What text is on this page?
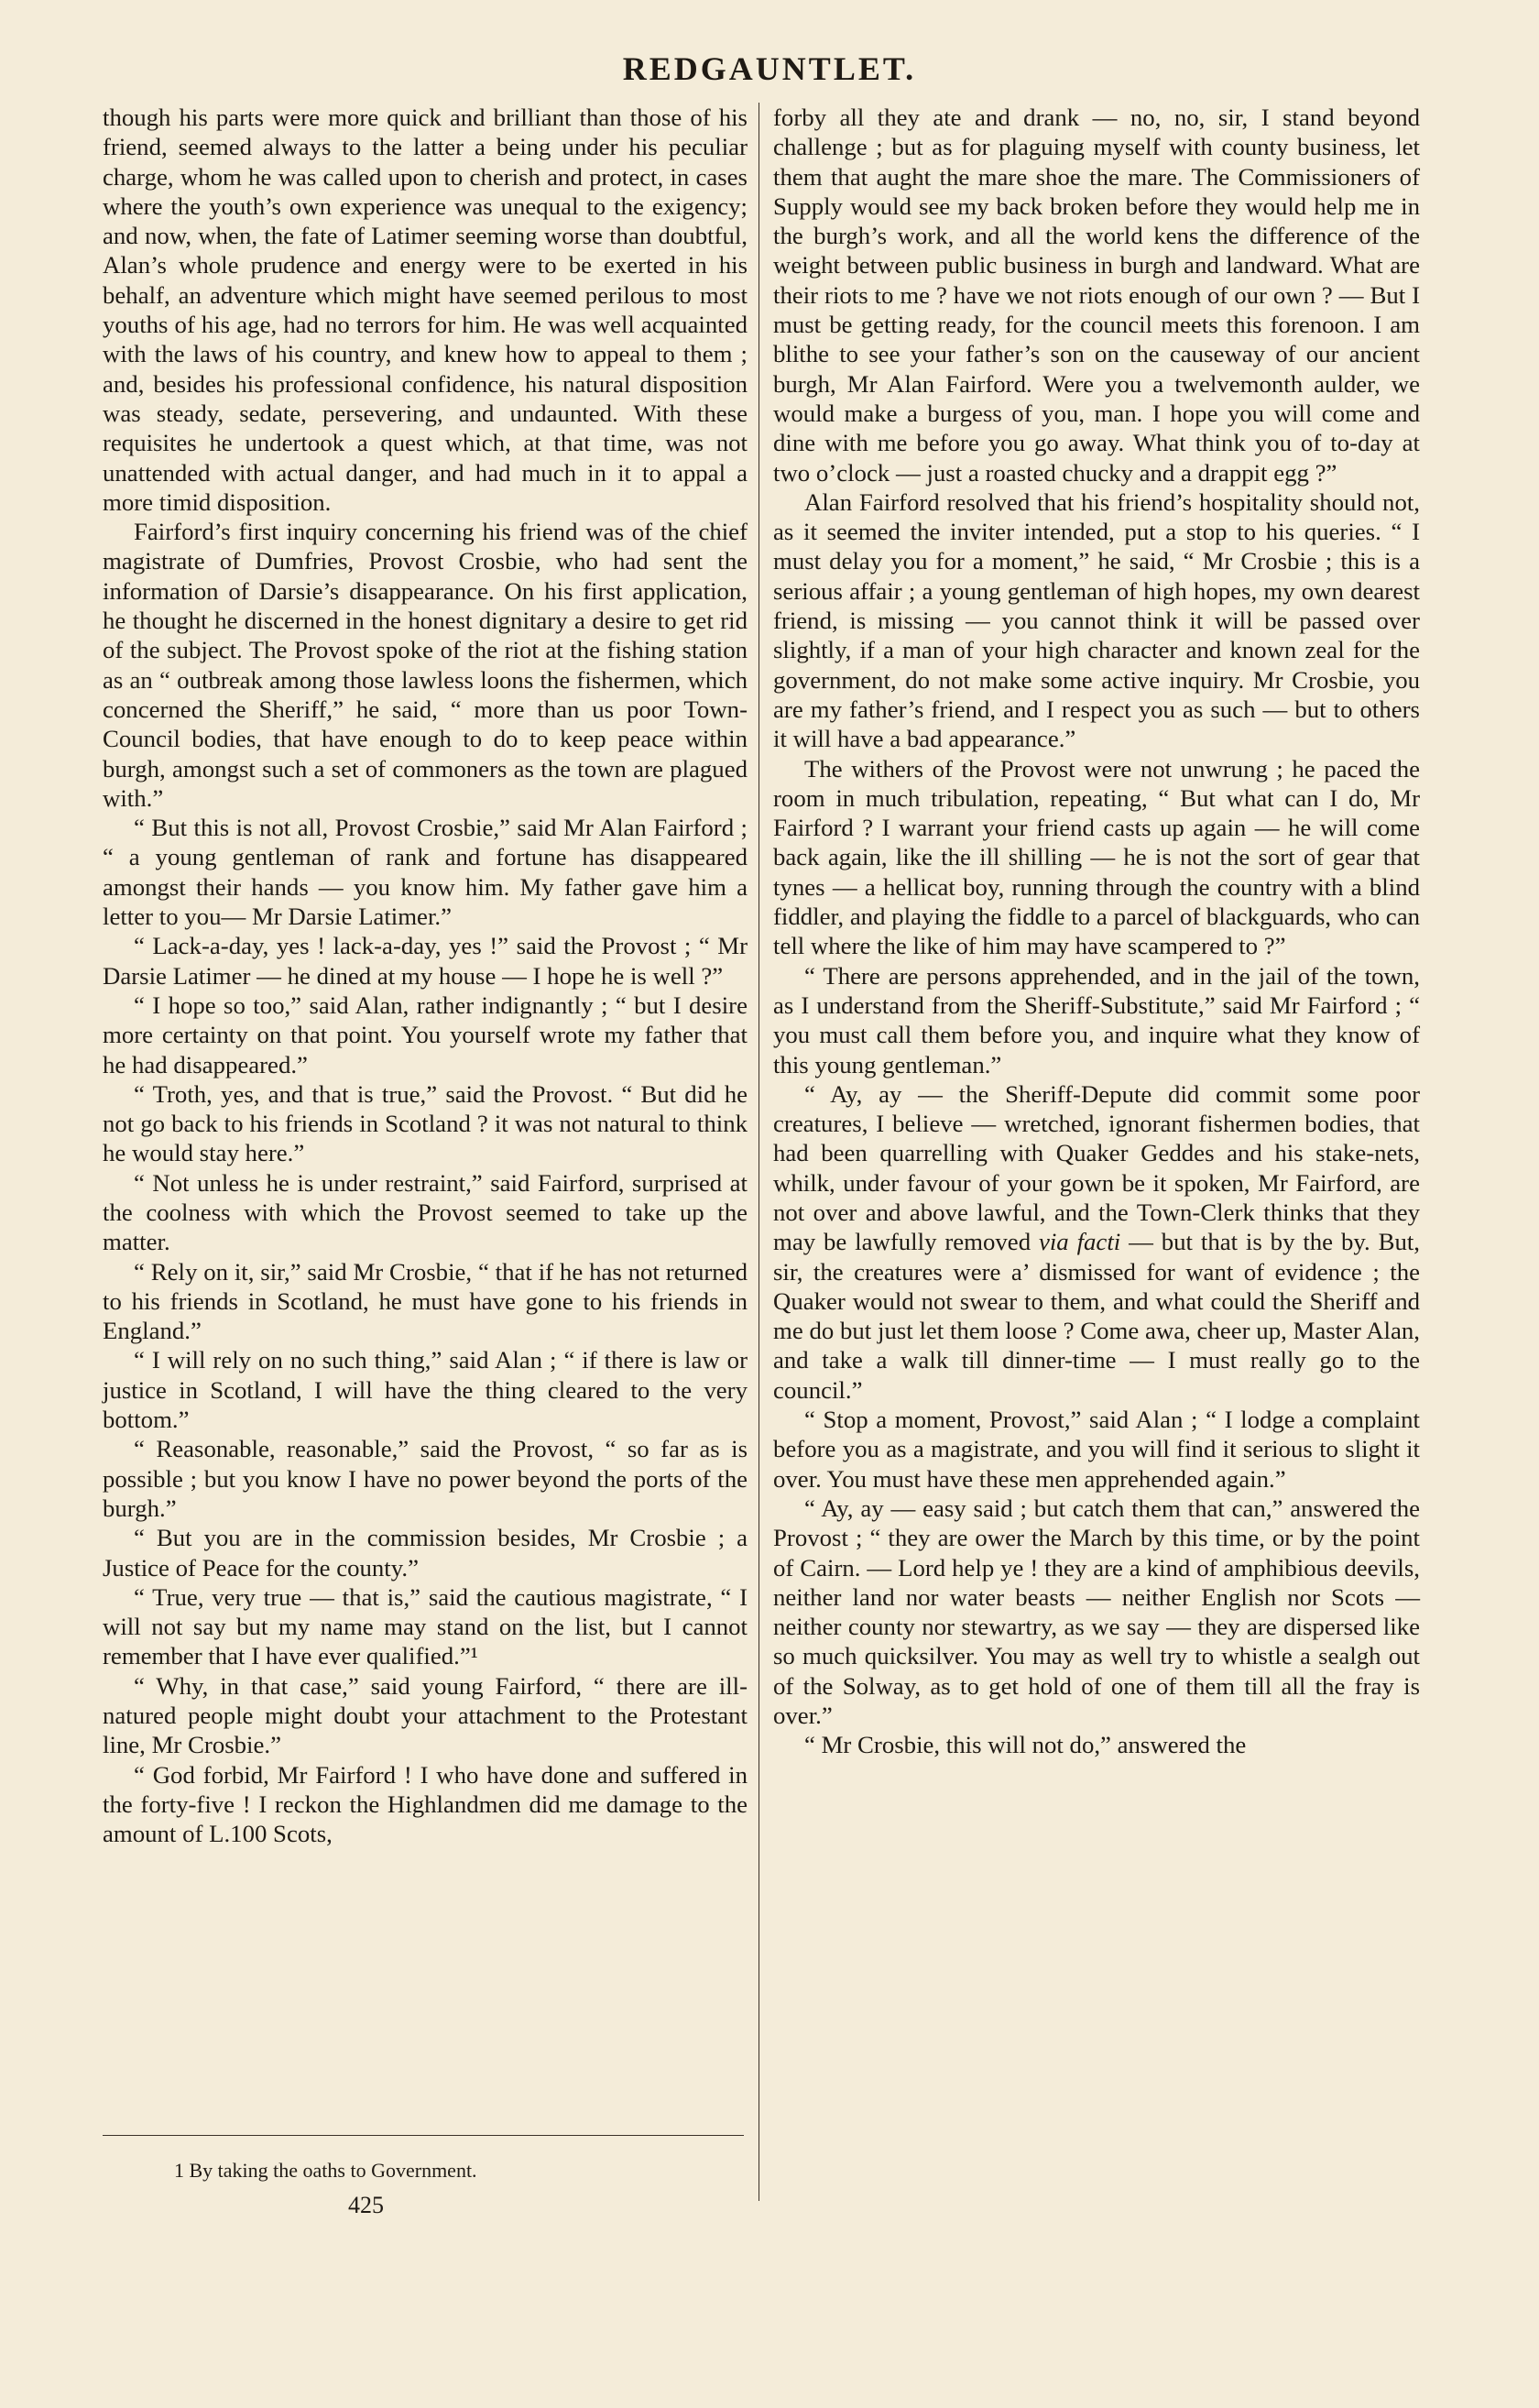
REDGAUNTLET.

though his parts were more quick and brilliant than those of his friend, seemed always to the latter a being under his peculiar charge, whom he was called upon to cherish and protect, in cases where the youth’s own experience was unequal to the exigency; and now, when, the fate of Latimer seeming worse than doubtful, Alan’s whole prudence and energy were to be exerted in his behalf, an adventure which might have seemed perilous to most youths of his age, had no terrors for him. He was well acquainted with the laws of his country, and knew how to appeal to them ; and, besides his professional confidence, his natural disposition was steady, sedate, persevering, and undaunted. With these requisites he undertook a quest which, at that time, was not unattended with actual danger, and had much in it to appal a more timid disposition.

Fairford’s first inquiry concerning his friend was of the chief magistrate of Dumfries, Provost Crosbie, who had sent the information of Darsie’s disappearance. On his first application, he thought he discerned in the honest dignitary a desire to get rid of the subject. The Provost spoke of the riot at the fishing station as an “ outbreak among those lawless loons the fishermen, which concerned the Sheriff,” he said, “ more than us poor Town-Council bodies, that have enough to do to keep peace within burgh, amongst such a set of commoners as the town are plagued with.”

“ But this is not all, Provost Crosbie,” said Mr Alan Fairford ; “ a young gentleman of rank and fortune has disappeared amongst their hands — you know him. My father gave him a letter to you— Mr Darsie Latimer.”

“ Lack-a-day, yes ! lack-a-day, yes !” said the Provost ; “ Mr Darsie Latimer — he dined at my house — I hope he is well ?”

“ I hope so too,” said Alan, rather indignantly ; “ but I desire more certainty on that point. You yourself wrote my father that he had disappeared.”

“ Troth, yes, and that is true,” said the Provost. “ But did he not go back to his friends in Scotland ? it was not natural to think he would stay here.”

“ Not unless he is under restraint,” said Fairford, surprised at the coolness with which the Provost seemed to take up the matter.

“ Rely on it, sir,” said Mr Crosbie, “ that if he has not returned to his friends in Scotland, he must have gone to his friends in England.”

“ I will rely on no such thing,” said Alan ; “ if there is law or justice in Scotland, I will have the thing cleared to the very bottom.”

“ Reasonable, reasonable,” said the Provost, “ so far as is possible ; but you know I have no power beyond the ports of the burgh.”

“ But you are in the commission besides, Mr Crosbie ; a Justice of Peace for the county.”

“ True, very true — that is,” said the cautious magistrate, “ I will not say but my name may stand on the list, but I cannot remember that I have ever qualified.”¹

“ Why, in that case,” said young Fairford, “ there are ill-natured people might doubt your attachment to the Protestant line, Mr Crosbie.”

“ God forbid, Mr Fairford ! I who have done and suffered in the forty-five ! I reckon the Highlandmen did me damage to the amount of L.100 Scots,

forby all they ate and drank — no, no, sir, I stand beyond challenge ; but as for plaguing myself with county business, let them that aught the mare shoe the mare. The Commissioners of Supply would see my back broken before they would help me in the burgh’s work, and all the world kens the difference of the weight between public business in burgh and landward. What are their riots to me ? have we not riots enough of our own ? — But I must be getting ready, for the council meets this forenoon. I am blithe to see your father’s son on the causeway of our ancient burgh, Mr Alan Fairford. Were you a twelvemonth aulder, we would make a burgess of you, man. I hope you will come and dine with me before you go away. What think you of to-day at two o’clock — just a roasted chucky and a drappit egg ?”

Alan Fairford resolved that his friend’s hospitality should not, as it seemed the inviter intended, put a stop to his queries. “ I must delay you for a moment,” he said, “ Mr Crosbie ; this is a serious affair ; a young gentleman of high hopes, my own dearest friend, is missing — you cannot think it will be passed over slightly, if a man of your high character and known zeal for the government, do not make some active inquiry. Mr Crosbie, you are my father’s friend, and I respect you as such — but to others it will have a bad appearance.”

The withers of the Provost were not unwrung ; he paced the room in much tribulation, repeating, “ But what can I do, Mr Fairford ? I warrant your friend casts up again — he will come back again, like the ill shilling — he is not the sort of gear that tynes — a hellicat boy, running through the country with a blind fiddler, and playing the fiddle to a parcel of blackguards, who can tell where the like of him may have scampered to ?”

“ There are persons apprehended, and in the jail of the town, as I understand from the Sheriff-Substitute,” said Mr Fairford ; “ you must call them before you, and inquire what they know of this young gentleman.”

“ Ay, ay — the Sheriff-Depute did commit some poor creatures, I believe — wretched, ignorant fishermen bodies, that had been quarrelling with Quaker Geddes and his stake-nets, whilk, under favour of your gown be it spoken, Mr Fairford, are not over and above lawful, and the Town-Clerk thinks that they may be lawfully removed via facti — but that is by the by. But, sir, the creatures were a’ dismissed for want of evidence ; the Quaker would not swear to them, and what could the Sheriff and me do but just let them loose ? Come awa, cheer up, Master Alan, and take a walk till dinner-time — I must really go to the council.”

“ Stop a moment, Provost,” said Alan ; “ I lodge a complaint before you as a magistrate, and you will find it serious to slight it over. You must have these men apprehended again.”

“ Ay, ay — easy said ; but catch them that can,” answered the Provost ; “ they are ower the March by this time, or by the point of Cairn. — Lord help ye ! they are a kind of amphibious deevils, neither land nor water beasts — neither English nor Scots — neither county nor stewartry, as we say — they are dispersed like so much quicksilver. You may as well try to whistle a sealgh out of the Solway, as to get hold of one of them till all the fray is over.”

“ Mr Crosbie, this will not do,” answered the

1 By taking the oaths to Government.
425
